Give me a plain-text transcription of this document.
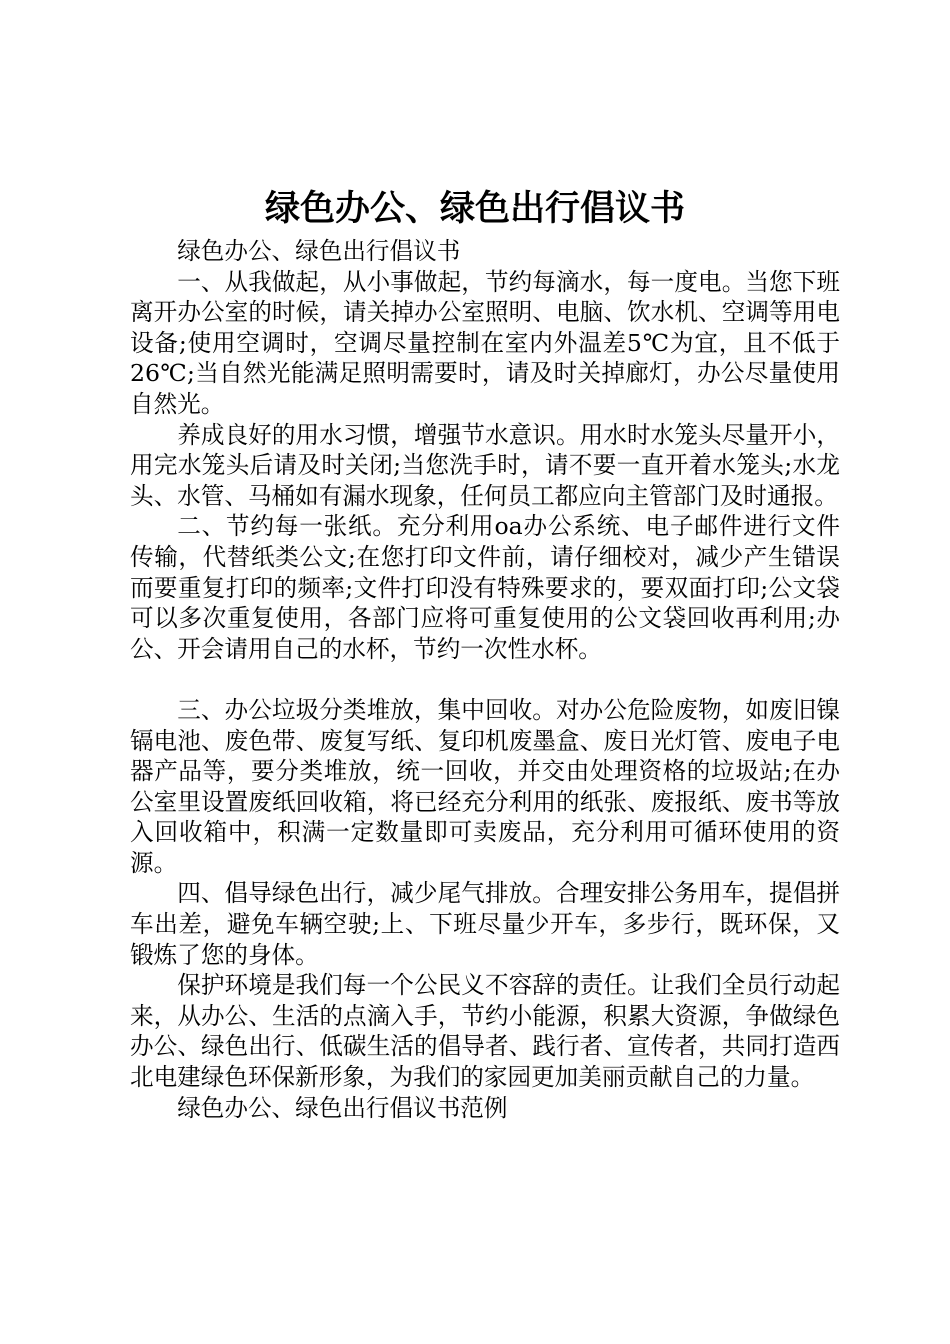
绿色办公、绿色出行倡议书

绿色办公、绿色出行倡议书

一、从我做起，从小事做起，节约每滴水，每一度电。当您下班离开办公室的时候，请关掉办公室照明、电脑、饮水机、空调等用电设备;使用空调时，空调尽量控制在室内外温差5℃为宜，且不低于26℃;当自然光能满足照明需要时，请及时关掉廊灯，办公尽量使用自然光。

养成良好的用水习惯，增强节水意识。用水时水笼头尽量开小，用完水笼头后请及时关闭;当您洗手时，请不要一直开着水笼头;水龙头、水管、马桶如有漏水现象，任何员工都应向主管部门及时通报。

二、节约每一张纸。充分利用oa办公系统、电子邮件进行文件传输，代替纸类公文;在您打印文件前，请仔细校对，减少产生错误而要重复打印的频率;文件打印没有特殊要求的，要双面打印;公文袋可以多次重复使用，各部门应将可重复使用的公文袋回收再利用;办公、开会请用自己的水杯，节约一次性水杯。

三、办公垃圾分类堆放，集中回收。对办公危险废物，如废旧镍镉电池、废色带、废复写纸、复印机废墨盒、废日光灯管、废电子电器产品等，要分类堆放，统一回收，并交由处理资格的垃圾站;在办公室里设置废纸回收箱，将已经充分利用的纸张、废报纸、废书等放入回收箱中，积满一定数量即可卖废品，充分利用可循环使用的资源。

四、倡导绿色出行，减少尾气排放。合理安排公务用车，提倡拼车出差，避免车辆空驶;上、下班尽量少开车，多步行，既环保，又锻炼了您的身体。

保护环境是我们每一个公民义不容辞的责任。让我们全员行动起来，从办公、生活的点滴入手，节约小能源，积累大资源，争做绿色办公、绿色出行、低碳生活的倡导者、践行者、宣传者，共同打造西北电建绿色环保新形象，为我们的家园更加美丽贡献自己的力量。

绿色办公、绿色出行倡议书范例
